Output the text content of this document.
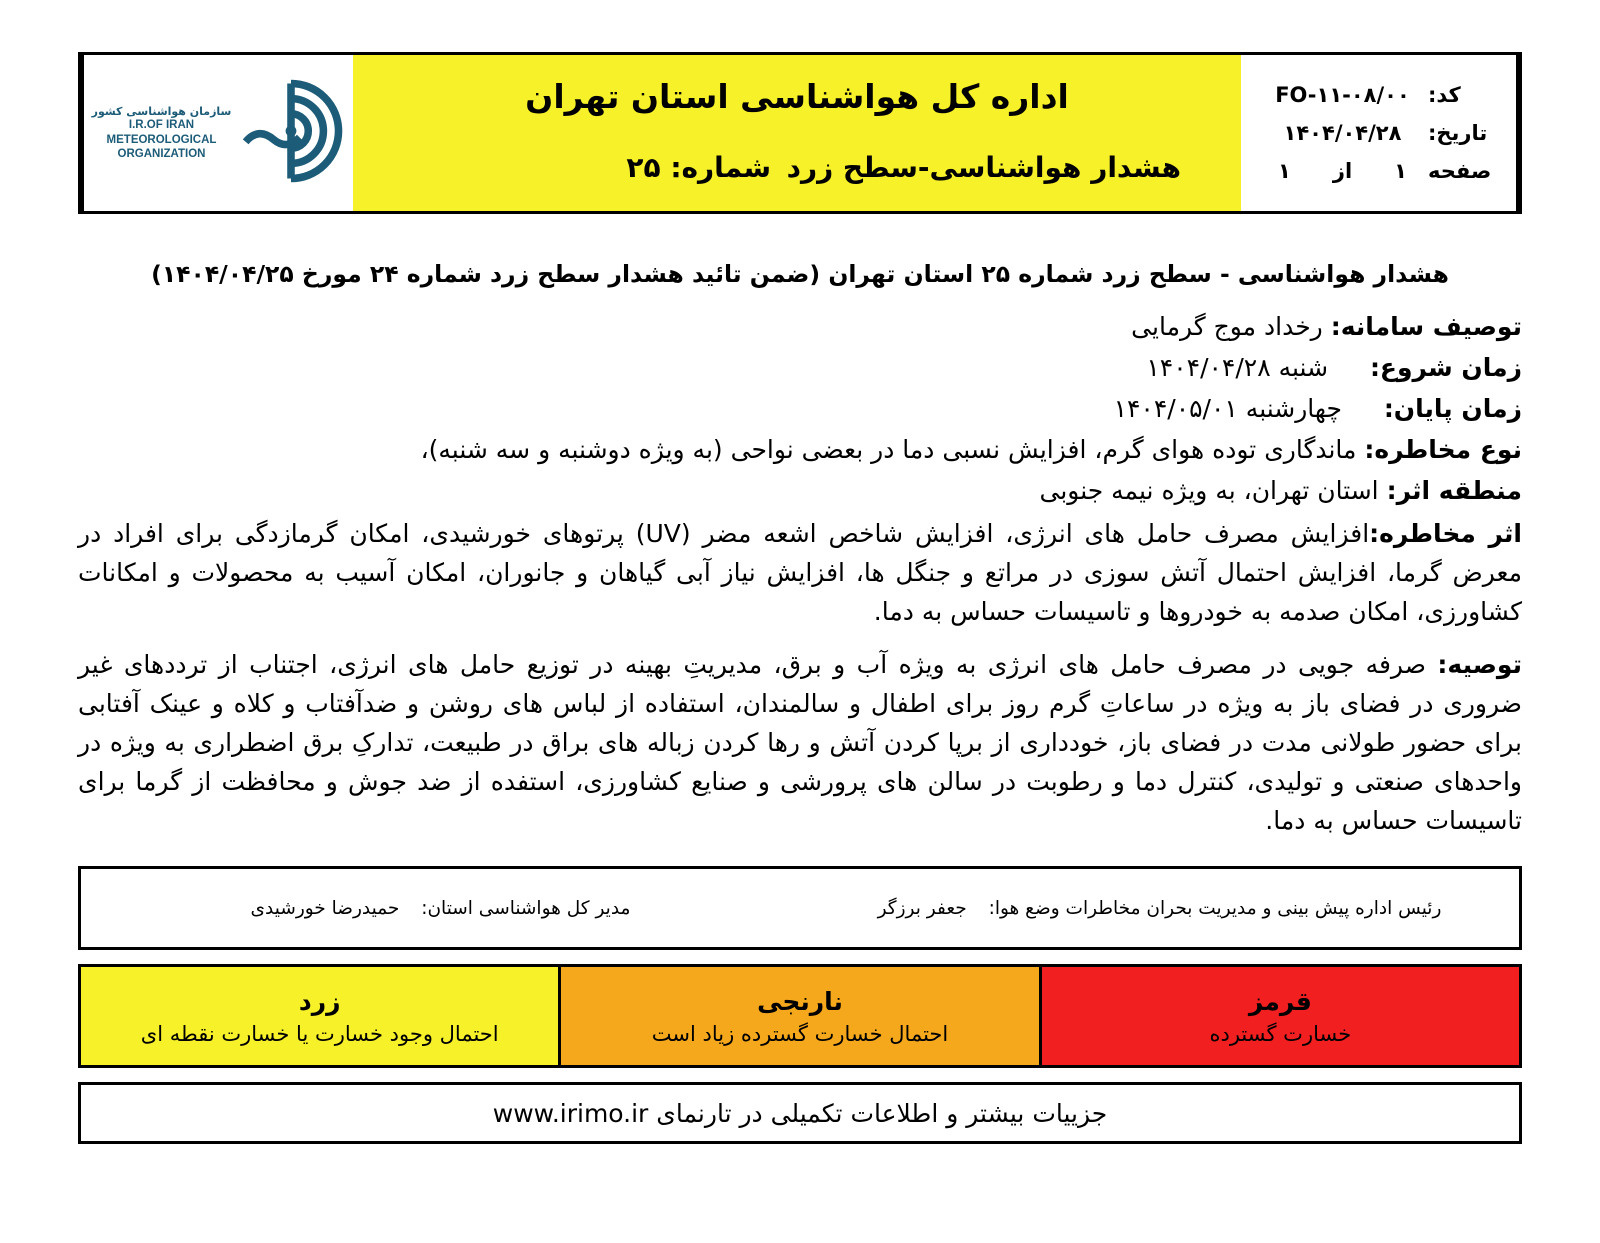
کد:
FO-۱۱-۰۸/۰۰
تاریخ:
۱۴۰۴/۰۴/۲۸
صفحه
۱
از
۱
اداره کل هواشناسی استان تهران
هشدار هواشناسی-سطح زرد
شماره: ۲۵
سازمان هواشناسی کشور
I.R.OF IRAN
METEOROLOGICAL
ORGANIZATION
هشدار هواشناسی - سطح زرد شماره ۲۵ استان تهران (ضمن تائید هشدار سطح زرد شماره ۲۴ مورخ ۱۴۰۴/۰۴/۲۵)
توصیف سامانه: رخداد موج گرمایی
زمان شروع:  شنبه ۱۴۰۴/۰۴/۲۸
زمان پایان:  چهارشنبه ۱۴۰۴/۰۵/۰۱
نوع مخاطره: ماندگاری توده هوای گرم، افزایش نسبی دما در بعضی نواحی (به ویژه دوشنبه و سه شنبه)،
منطقه اثر: استان تهران، به ویژه نیمه جنوبی

اثر مخاطره:افزایش مصرف حامل های انرژی، افزایش شاخص اشعه مضر (UV) پرتوهای خورشیدی، امکان گرمازدگی برای افراد در معرض گرما، افزایش احتمال آتش سوزی در مراتع و جنگل ها، افزایش نیاز آبی گیاهان و جانوران، امکان آسیب به محصولات و امکانات کشاورزی، امکان صدمه به خودروها و تاسیسات حساس به دما.

توصیه: صرفه جویی در مصرف حامل های انرژی به ویژه آب و برق، مدیریتِ بهینه در توزیع حامل های انرژی، اجتناب از ترددهای غیر ضروری در فضای باز به ویژه در ساعاتِ گرم روز برای اطفال و سالمندان، استفاده از لباس های روشن و ضدآفتاب و کلاه و عینک آفتابی برای حضور طولانی مدت در فضای باز، خودداری از برپا کردن آتش و رها کردن زباله های براق در طبیعت، تدارکِ برق اضطراری به ویژه در واحدهای صنعتی و تولیدی، کنترل دما و رطوبت در سالن های پرورشی و صنایع کشاورزی، استفده از ضد جوش و محافظت از گرما برای تاسیسات حساس به دما.

رئیس اداره پیش بینی و مدیریت بحران مخاطرات وضع هوا: جعفر برزگر
مدیر کل هواشناسی استان: حمیدرضا خورشیدی
قرمز
خسارت گسترده
نارنجی
احتمال خسارت گسترده زیاد است
زرد
احتمال وجود خسارت یا خسارت نقطه ای
جزییات بیشتر و اطلاعات تکمیلی در تارنمای

www.irimo.ir
